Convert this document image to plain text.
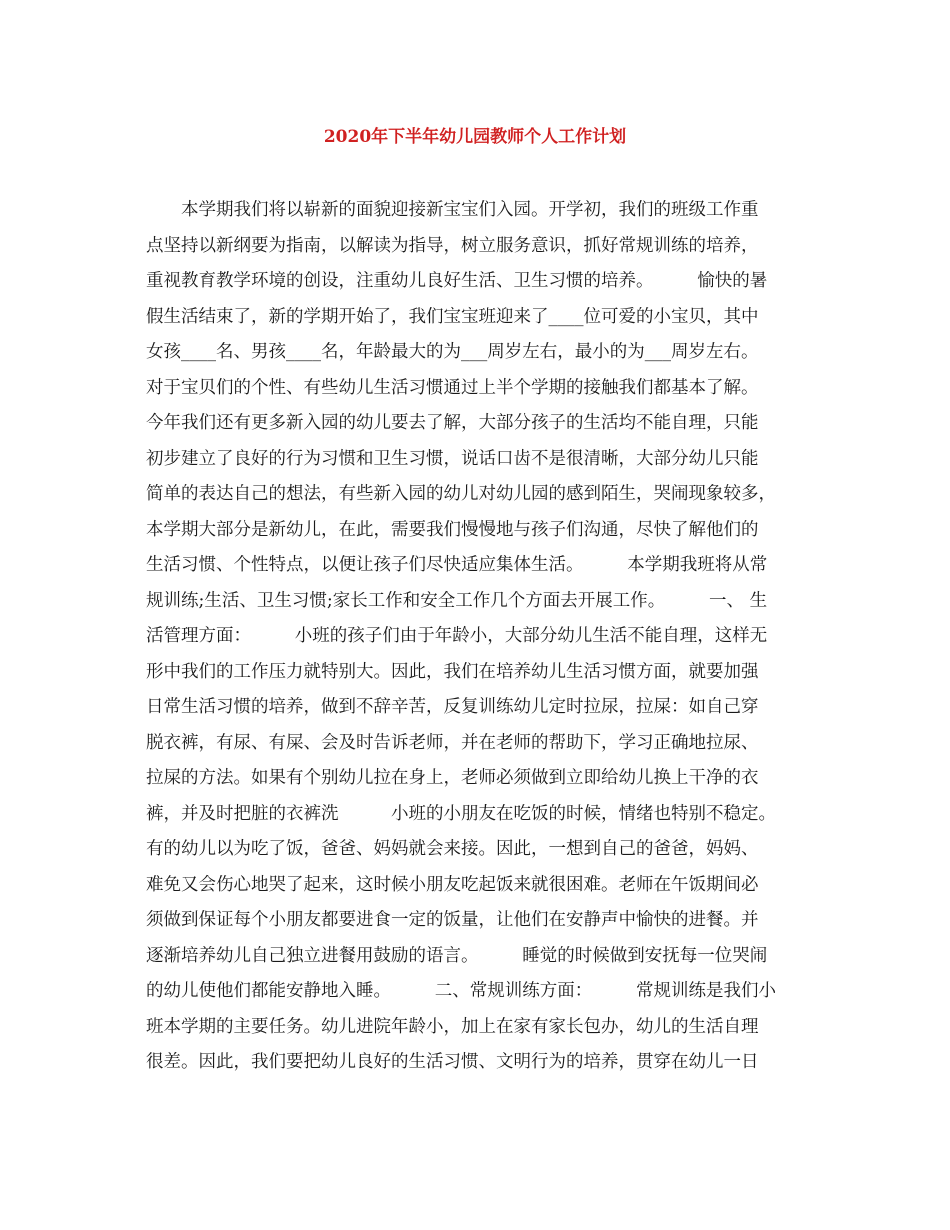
2020年下半年幼儿园教师个人工作计划
　　本学期我们将以崭新的面貌迎接新宝宝们入园。开学初，我们的班级工作重
点坚持以新纲要为指南，以解读为指导，树立服务意识，抓好常规训练的培养，
重视教育教学环境的创设，注重幼儿良好生活、卫生习惯的培养。　　　愉快的暑
假生活结束了，新的学期开始了，我们宝宝班迎来了____位可爱的小宝贝，其中
女孩____名、男孩____名，年龄最大的为___周岁左右，最小的为___周岁左右。
对于宝贝们的个性、有些幼儿生活习惯通过上半个学期的接触我们都基本了解。
今年我们还有更多新入园的幼儿要去了解，大部分孩子的生活均不能自理，只能
初步建立了良好的行为习惯和卫生习惯，说话口齿不是很清晰，大部分幼儿只能
简单的表达自己的想法，有些新入园的幼儿对幼儿园的感到陌生，哭闹现象较多，
本学期大部分是新幼儿，在此，需要我们慢慢地与孩子们沟通，尽快了解他们的
生活习惯、个性特点，以便让孩子们尽快适应集体生活。　　　本学期我班将从常
规训练;生活、卫生习惯;家长工作和安全工作几个方面去开展工作。　　　一、 生
活管理方面：　　　小班的孩子们由于年龄小，大部分幼儿生活不能自理，这样无
形中我们的工作压力就特别大。因此，我们在培养幼儿生活习惯方面，就要加强
日常生活习惯的培养，做到不辞辛苦，反复训练幼儿定时拉尿，拉屎：如自己穿
脱衣裤，有尿、有屎、会及时告诉老师，并在老师的帮助下，学习正确地拉尿、
拉屎的方法。如果有个别幼儿拉在身上，老师必须做到立即给幼儿换上干净的衣
裤，并及时把脏的衣裤洗　　　小班的小朋友在吃饭的时候，情绪也特别不稳定。
有的幼儿以为吃了饭，爸爸、妈妈就会来接。因此，一想到自己的爸爸，妈妈、
难免又会伤心地哭了起来，这时候小朋友吃起饭来就很困难。老师在午饭期间必
须做到保证每个小朋友都要进食一定的饭量，让他们在安静声中愉快的进餐。并
逐渐培养幼儿自己独立进餐用鼓励的语言。　　　睡觉的时候做到安抚每一位哭闹
的幼儿使他们都能安静地入睡。　　　二、常规训练方面：　　　常规训练是我们小
班本学期的主要任务。幼儿进院年龄小，加上在家有家长包办，幼儿的生活自理
很差。因此，我们要把幼儿良好的生活习惯、文明行为的培养，贯穿在幼儿一日
